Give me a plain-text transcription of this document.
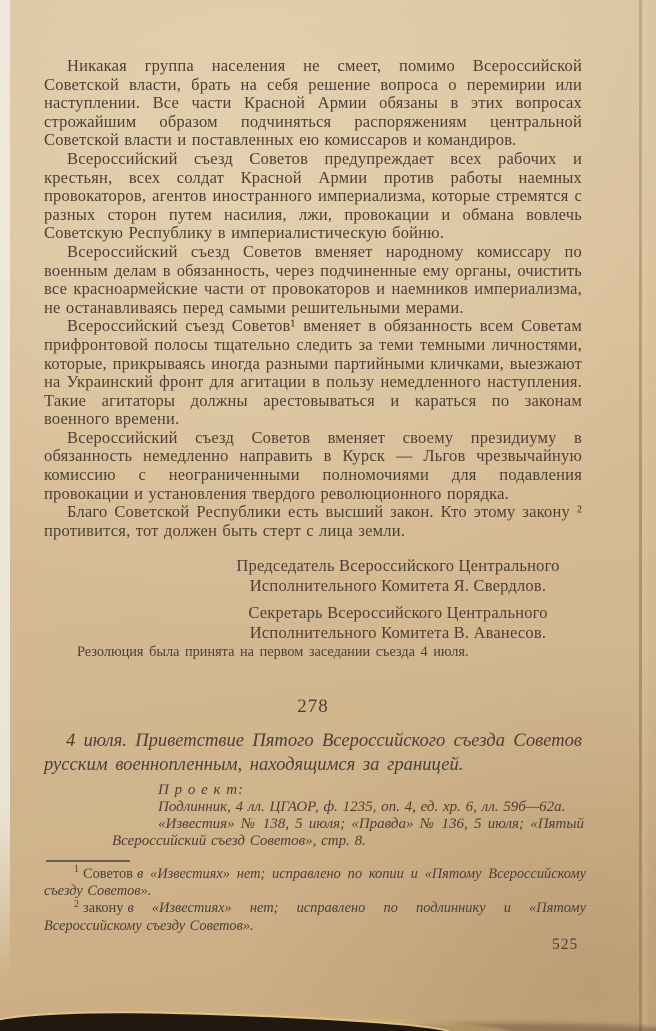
Никакая группа населения не смеет, помимо Всероссийской Советской власти, брать на себя решение вопроса о перемирии или наступлении. Все части Красной Армии обязаны в этих вопросах строжайшим образом подчиняться распоряжениям центральной Советской власти и поставленных ею комиссаров и командиров.

Всероссийский съезд Советов предупреждает всех рабочих и крестьян, всех солдат Красной Армии против работы наемных провокаторов, агентов иностранного империализма, которые стремятся с разных сторон путем насилия, лжи, провокации и обмана вовлечь Советскую Республику в империалистическую бойню.

Всероссийский съезд Советов вменяет народному комиссару по военным делам в обязанность, через подчиненные ему органы, очистить все красноармейские части от провокаторов и наемников империализма, не останавливаясь перед самыми решительными мерами.

Всероссийский съезд Советов¹ вменяет в обязанность всем Советам прифронтовой полосы тщательно следить за теми темными личностями, которые, прикрываясь иногда разными партийными кличками, выезжают на Украинский фронт для агитации в пользу немедленного наступления. Такие агитаторы должны арестовываться и караться по законам военного времени.

Всероссийский съезд Советов вменяет своему президиуму в обязанность немедленно направить в Курск — Льгов чрезвычайную комиссию с неограниченными полномочиями для подавления провокации и установления твердого революционного порядка.

Благо Советской Республики есть высший закон. Кто этому закону ² противится, тот должен быть стерт с лица земли.

Председатель Всероссийского Центрального
Исполнительного Комитета Я. Свердлов.
Секретарь Всероссийского Центрального
Исполнительного Комитета В. Аванесов.

Резолюция была принята на первом заседании съезда 4 июля.

278

4 июля. Приветствие Пятого Всероссийского съезда Советов русским военнопленным, находящимся за границей.

П р о е к т:

Подлинник, 4 лл. ЦГАОР, ф. 1235, оп. 4, ед. хр. 6, лл. 59б—62а.

«Известия» № 138, 5 июля; «Правда» № 136, 5 июля; «Пятый Всероссийский съезд Советов», стр. 8.

$^1$ Советов в «Известиях» нет; исправлено по копии и «Пятому Всероссийскому съезду Советов».

$^2$ закону в «Известиях» нет; исправлено по подлиннику и «Пятому Всероссийскому съезду Советов».

525
